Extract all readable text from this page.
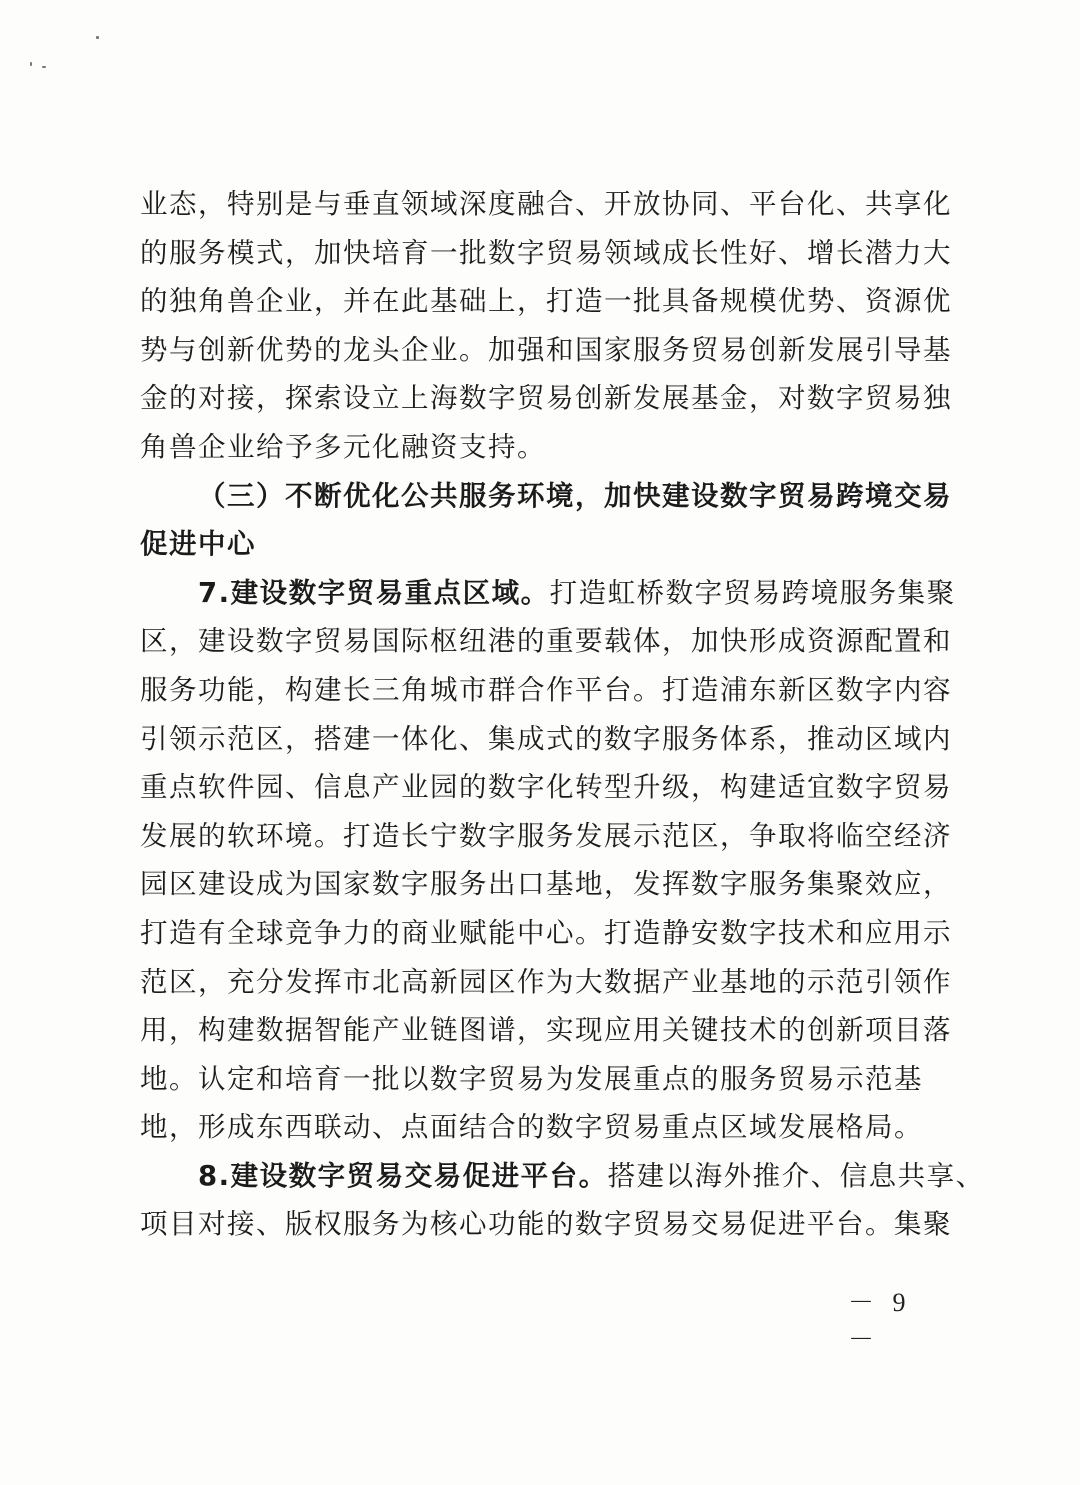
业态，特别是与垂直领域深度融合、开放协同、平台化、共享化
的服务模式，加快培育一批数字贸易领域成长性好、增长潜力大
的独角兽企业，并在此基础上，打造一批具备规模优势、资源优
势与创新优势的龙头企业。加强和国家服务贸易创新发展引导基
金的对接，探索设立上海数字贸易创新发展基金，对数字贸易独
角兽企业给予多元化融资支持。
（三）不断优化公共服务环境，加快建设数字贸易跨境交易
促进中心
7.建设数字贸易重点区域。打造虹桥数字贸易跨境服务集聚
区，建设数字贸易国际枢纽港的重要载体，加快形成资源配置和
服务功能，构建长三角城市群合作平台。打造浦东新区数字内容
引领示范区，搭建一体化、集成式的数字服务体系，推动区域内
重点软件园、信息产业园的数字化转型升级，构建适宜数字贸易
发展的软环境。打造长宁数字服务发展示范区，争取将临空经济
园区建设成为国家数字服务出口基地，发挥数字服务集聚效应，
打造有全球竞争力的商业赋能中心。打造静安数字技术和应用示
范区，充分发挥市北高新园区作为大数据产业基地的示范引领作
用，构建数据智能产业链图谱，实现应用关键技术的创新项目落
地。认定和培育一批以数字贸易为发展重点的服务贸易示范基
地，形成东西联动、点面结合的数字贸易重点区域发展格局。
8.建设数字贸易交易促进平台。搭建以海外推介、信息共享、
项目对接、版权服务为核心功能的数字贸易交易促进平台。集聚
－ 9 －
